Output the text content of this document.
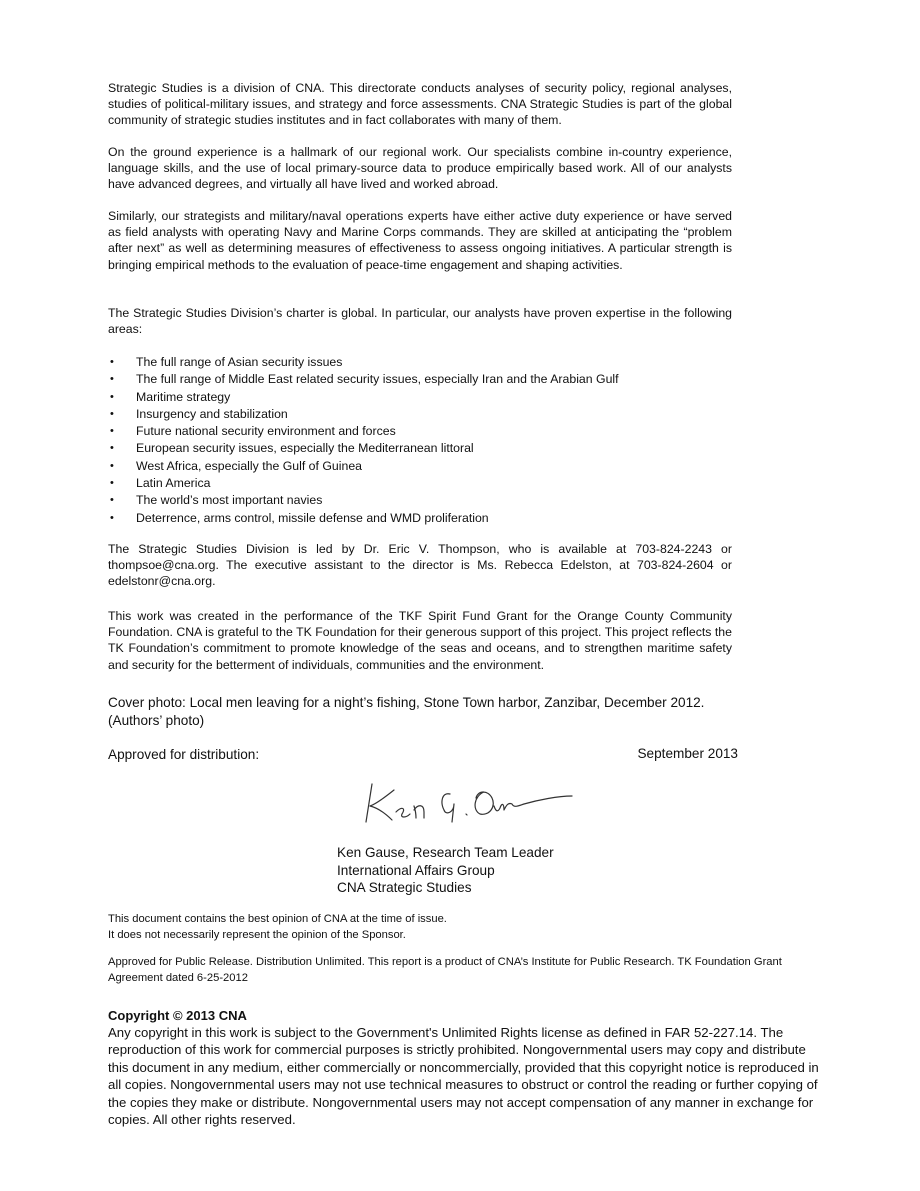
Strategic Studies is a division of CNA. This directorate conducts analyses of security policy, regional analyses, studies of political-military issues, and strategy and force assessments. CNA Strategic Studies is part of the global community of strategic studies institutes and in fact collaborates with many of them.

On the ground experience is a hallmark of our regional work. Our specialists combine in-country experience, language skills, and the use of local primary-source data to produce empirically based work. All of our analysts have advanced degrees, and virtually all have lived and worked abroad.

Similarly, our strategists and military/naval operations experts have either active duty experience or have served as field analysts with operating Navy and Marine Corps commands. They are skilled at anticipating the “problem after next” as well as determining measures of effectiveness to assess ongoing initiatives. A particular strength is bringing empirical methods to the evaluation of peace-time engagement and shaping activities.

The Strategic Studies Division’s charter is global. In particular, our analysts have proven expertise in the following areas:

• The full range of Asian security issues
• The full range of Middle East related security issues, especially Iran and the Arabian Gulf
• Maritime strategy
• Insurgency and stabilization
• Future national security environment and forces
• European security issues, especially the Mediterranean littoral
• West Africa, especially the Gulf of Guinea
• Latin America
• The world’s most important navies
• Deterrence, arms control, missile defense and WMD proliferation

The Strategic Studies Division is led by Dr. Eric V. Thompson, who is available at 703-824-2243 or thompsoe@cna.org. The executive assistant to the director is Ms. Rebecca Edelston, at 703-824-2604 or edelstonr@cna.org.

This work was created in the performance of the TKF Spirit Fund Grant for the Orange County Community Foundation. CNA is grateful to the TK Foundation for their generous support of this project. This project reflects the TK Foundation’s commitment to promote knowledge of the seas and oceans, and to strengthen maritime safety and security for the betterment of individuals, communities and the environment.

Cover photo: Local men leaving for a night’s fishing, Stone Town harbor, Zanzibar, December 2012. (Authors’ photo)

Approved for distribution:	September 2013
Ken Gause, Research Team Leader
International Affairs Group
CNA Strategic Studies
This document contains the best opinion of CNA at the time of issue.
It does not necessarily represent the opinion of the Sponsor.

Approved for Public Release. Distribution Unlimited. This report is a product of CNA’s Institute for Public Research. TK Foundation Grant Agreement dated 6-25-2012

Copyright © 2013 CNA

Any copyright in this work is subject to the Government's Unlimited Rights license as defined in FAR 52-227.14. The reproduction of this work for commercial purposes is strictly prohibited. Nongovernmental users may copy and distribute this document in any medium, either commercially or noncommercially, provided that this copyright notice is reproduced in all copies. Nongovernmental users may not use technical measures to obstruct or control the reading or further copying of the copies they make or distribute. Nongovernmental users may not accept compensation of any manner in exchange for copies. All other rights reserved.
